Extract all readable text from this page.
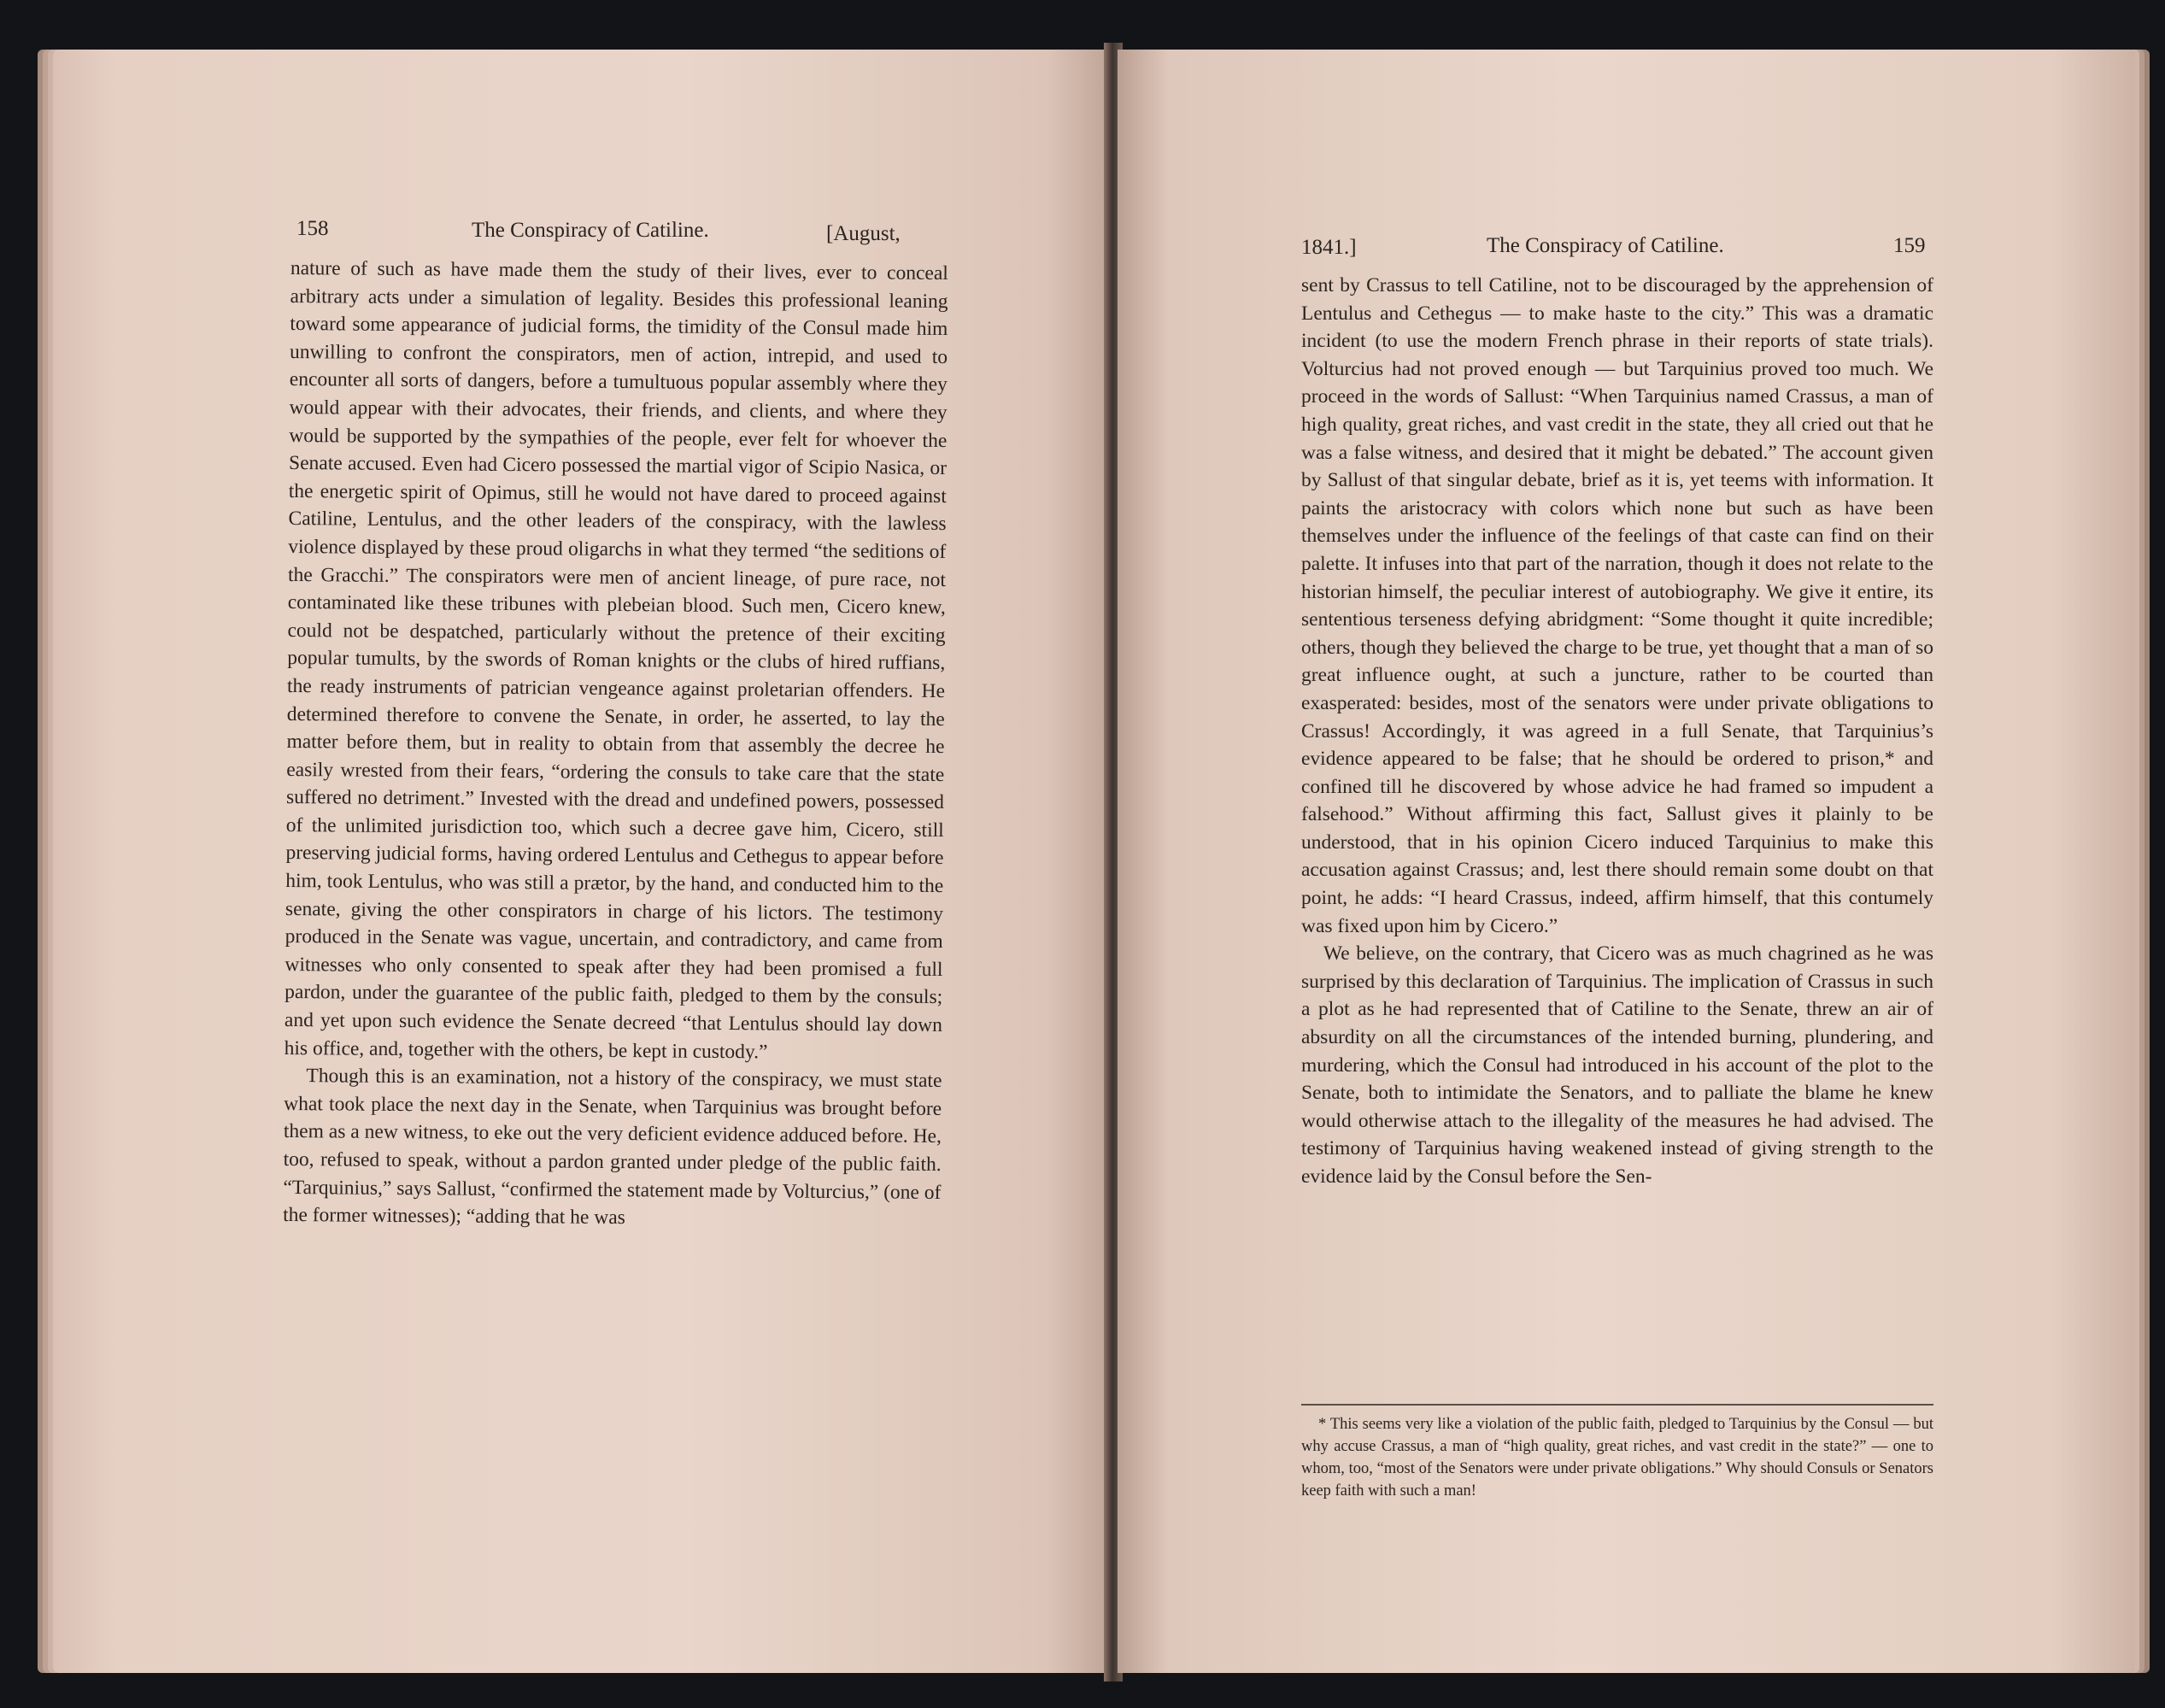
158	The Conspiracy of Catiline.	[August,

nature of such as have made them the study of their lives, ever to conceal arbitrary acts under a simulation of legality. Besides this professional leaning toward some appearance of judicial forms, the timidity of the Consul made him unwilling to confront the conspirators, men of action, intrepid, and used to encounter all sorts of dangers, before a tumultuous popular assembly where they would appear with their advocates, their friends, and clients, and where they would be supported by the sympathies of the people, ever felt for whoever the Senate accused. Even had Cicero possessed the martial vigor of Scipio Nasica, or the energetic spirit of Opimus, still he would not have dared to proceed against Catiline, Lentulus, and the other leaders of the conspiracy, with the lawless violence displayed by these proud oligarchs in what they termed “the seditions of the Gracchi.” The conspirators were men of ancient lineage, of pure race, not contaminated like these tribunes with plebeian blood. Such men, Cicero knew, could not be despatched, particularly without the pretence of their exciting popular tumults, by the swords of Roman knights or the clubs of hired ruffians, the ready instruments of patrician vengeance against proletarian offenders. He determined therefore to convene the Senate, in order, he asserted, to lay the matter before them, but in reality to obtain from that assembly the decree he easily wrested from their fears, “ordering the consuls to take care that the state suffered no detriment.” Invested with the dread and undefined powers, possessed of the unlimited jurisdiction too, which such a decree gave him, Cicero, still preserving judicial forms, having ordered Lentulus and Cethegus to appear before him, took Lentulus, who was still a prætor, by the hand, and conducted him to the senate, giving the other conspirators in charge of his lictors. The testimony produced in the Senate was vague, uncertain, and contradictory, and came from witnesses who only consented to speak after they had been promised a full pardon, under the guarantee of the public faith, pledged to them by the consuls; and yet upon such evidence the Senate decreed “that Lentulus should lay down his office, and, together with the others, be kept in custody.”

Though this is an examination, not a history of the conspiracy, we must state what took place the next day in the Senate, when Tarquinius was brought before them as a new witness, to eke out the very deficient evidence adduced before. He, too, refused to speak, without a pardon granted under pledge of the public faith. “Tarquinius,” says Sallust, “confirmed the statement made by Volturcius,” (one of the former witnesses); “adding that he was

1841.]	The Conspiracy of Catiline.	159

sent by Crassus to tell Catiline, not to be discouraged by the apprehension of Lentulus and Cethegus — to make haste to the city.” This was a dramatic incident (to use the modern French phrase in their reports of state trials). Volturcius had not proved enough — but Tarquinius proved too much. We proceed in the words of Sallust: “When Tarquinius named Crassus, a man of high quality, great riches, and vast credit in the state, they all cried out that he was a false witness, and desired that it might be debated.” The account given by Sallust of that singular debate, brief as it is, yet teems with information. It paints the aristocracy with colors which none but such as have been themselves under the influence of the feelings of that caste can find on their palette. It infuses into that part of the narration, though it does not relate to the historian himself, the peculiar interest of autobiography. We give it entire, its sententious terseness defying abridgment: “Some thought it quite incredible; others, though they believed the charge to be true, yet thought that a man of so great influence ought, at such a juncture, rather to be courted than exasperated: besides, most of the senators were under private obligations to Crassus! Accordingly, it was agreed in a full Senate, that Tarquinius’s evidence appeared to be false; that he should be ordered to prison,* and confined till he discovered by whose advice he had framed so impudent a falsehood.” Without affirming this fact, Sallust gives it plainly to be understood, that in his opinion Cicero induced Tarquinius to make this accusation against Crassus; and, lest there should remain some doubt on that point, he adds: “I heard Crassus, indeed, affirm himself, that this contumely was fixed upon him by Cicero.”

We believe, on the contrary, that Cicero was as much chagrined as he was surprised by this declaration of Tarquinius. The implication of Crassus in such a plot as he had represented that of Catiline to the Senate, threw an air of absurdity on all the circumstances of the intended burning, plundering, and murdering, which the Consul had introduced in his account of the plot to the Senate, both to intimidate the Senators, and to palliate the blame he knew would otherwise attach to the illegality of the measures he had advised. The testimony of Tarquinius having weakened instead of giving strength to the evidence laid by the Consul before the Sen-

* This seems very like a violation of the public faith, pledged to Tarquinius by the Consul — but why accuse Crassus, a man of “high quality, great riches, and vast credit in the state?” — one to whom, too, “most of the Senators were under private obligations.” Why should Consuls or Senators keep faith with such a man!
